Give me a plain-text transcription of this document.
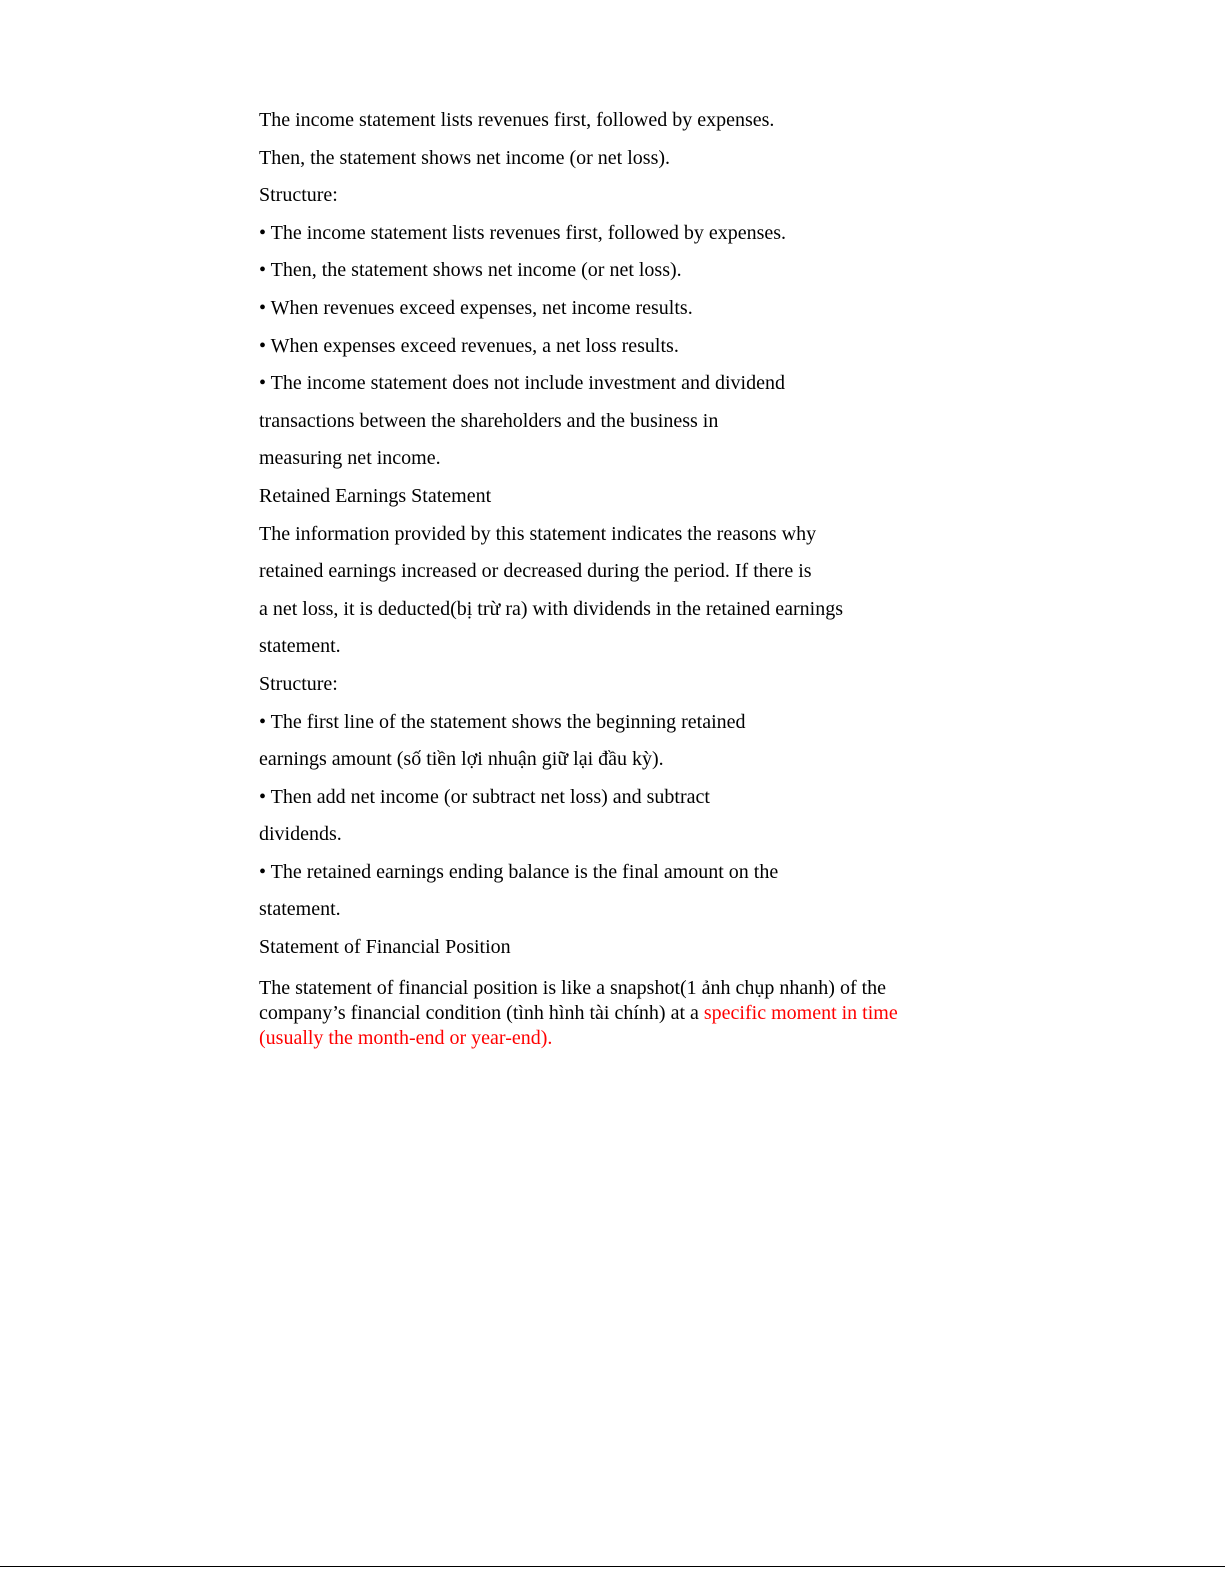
The income statement lists revenues first, followed by expenses.
Then, the statement shows net income (or net loss).
Structure:
• The income statement lists revenues first, followed by expenses.
• Then, the statement shows net income (or net loss).
• When revenues exceed expenses, net income results.
• When expenses exceed revenues, a net loss results.
• The income statement does not include investment and dividend
transactions between the shareholders and the business in
measuring net income.
Retained Earnings Statement
The information provided by this statement indicates the reasons why
retained earnings increased or decreased during the period. If there is
a net loss, it is deducted(bị trừ ra) with dividends in the retained earnings
statement.
Structure:
• The first line of the statement shows the beginning retained
earnings amount (số tiền lợi nhuận giữ lại đầu kỳ).
• Then add net income (or subtract net loss) and subtract
dividends.
• The retained earnings ending balance is the final amount on the
statement.
Statement of Financial Position
The statement of financial position is like a snapshot(1 ảnh chụp nhanh) of the
company’s financial condition (tình hình tài chính) at a specific moment in time
(usually the month-end or year-end).
